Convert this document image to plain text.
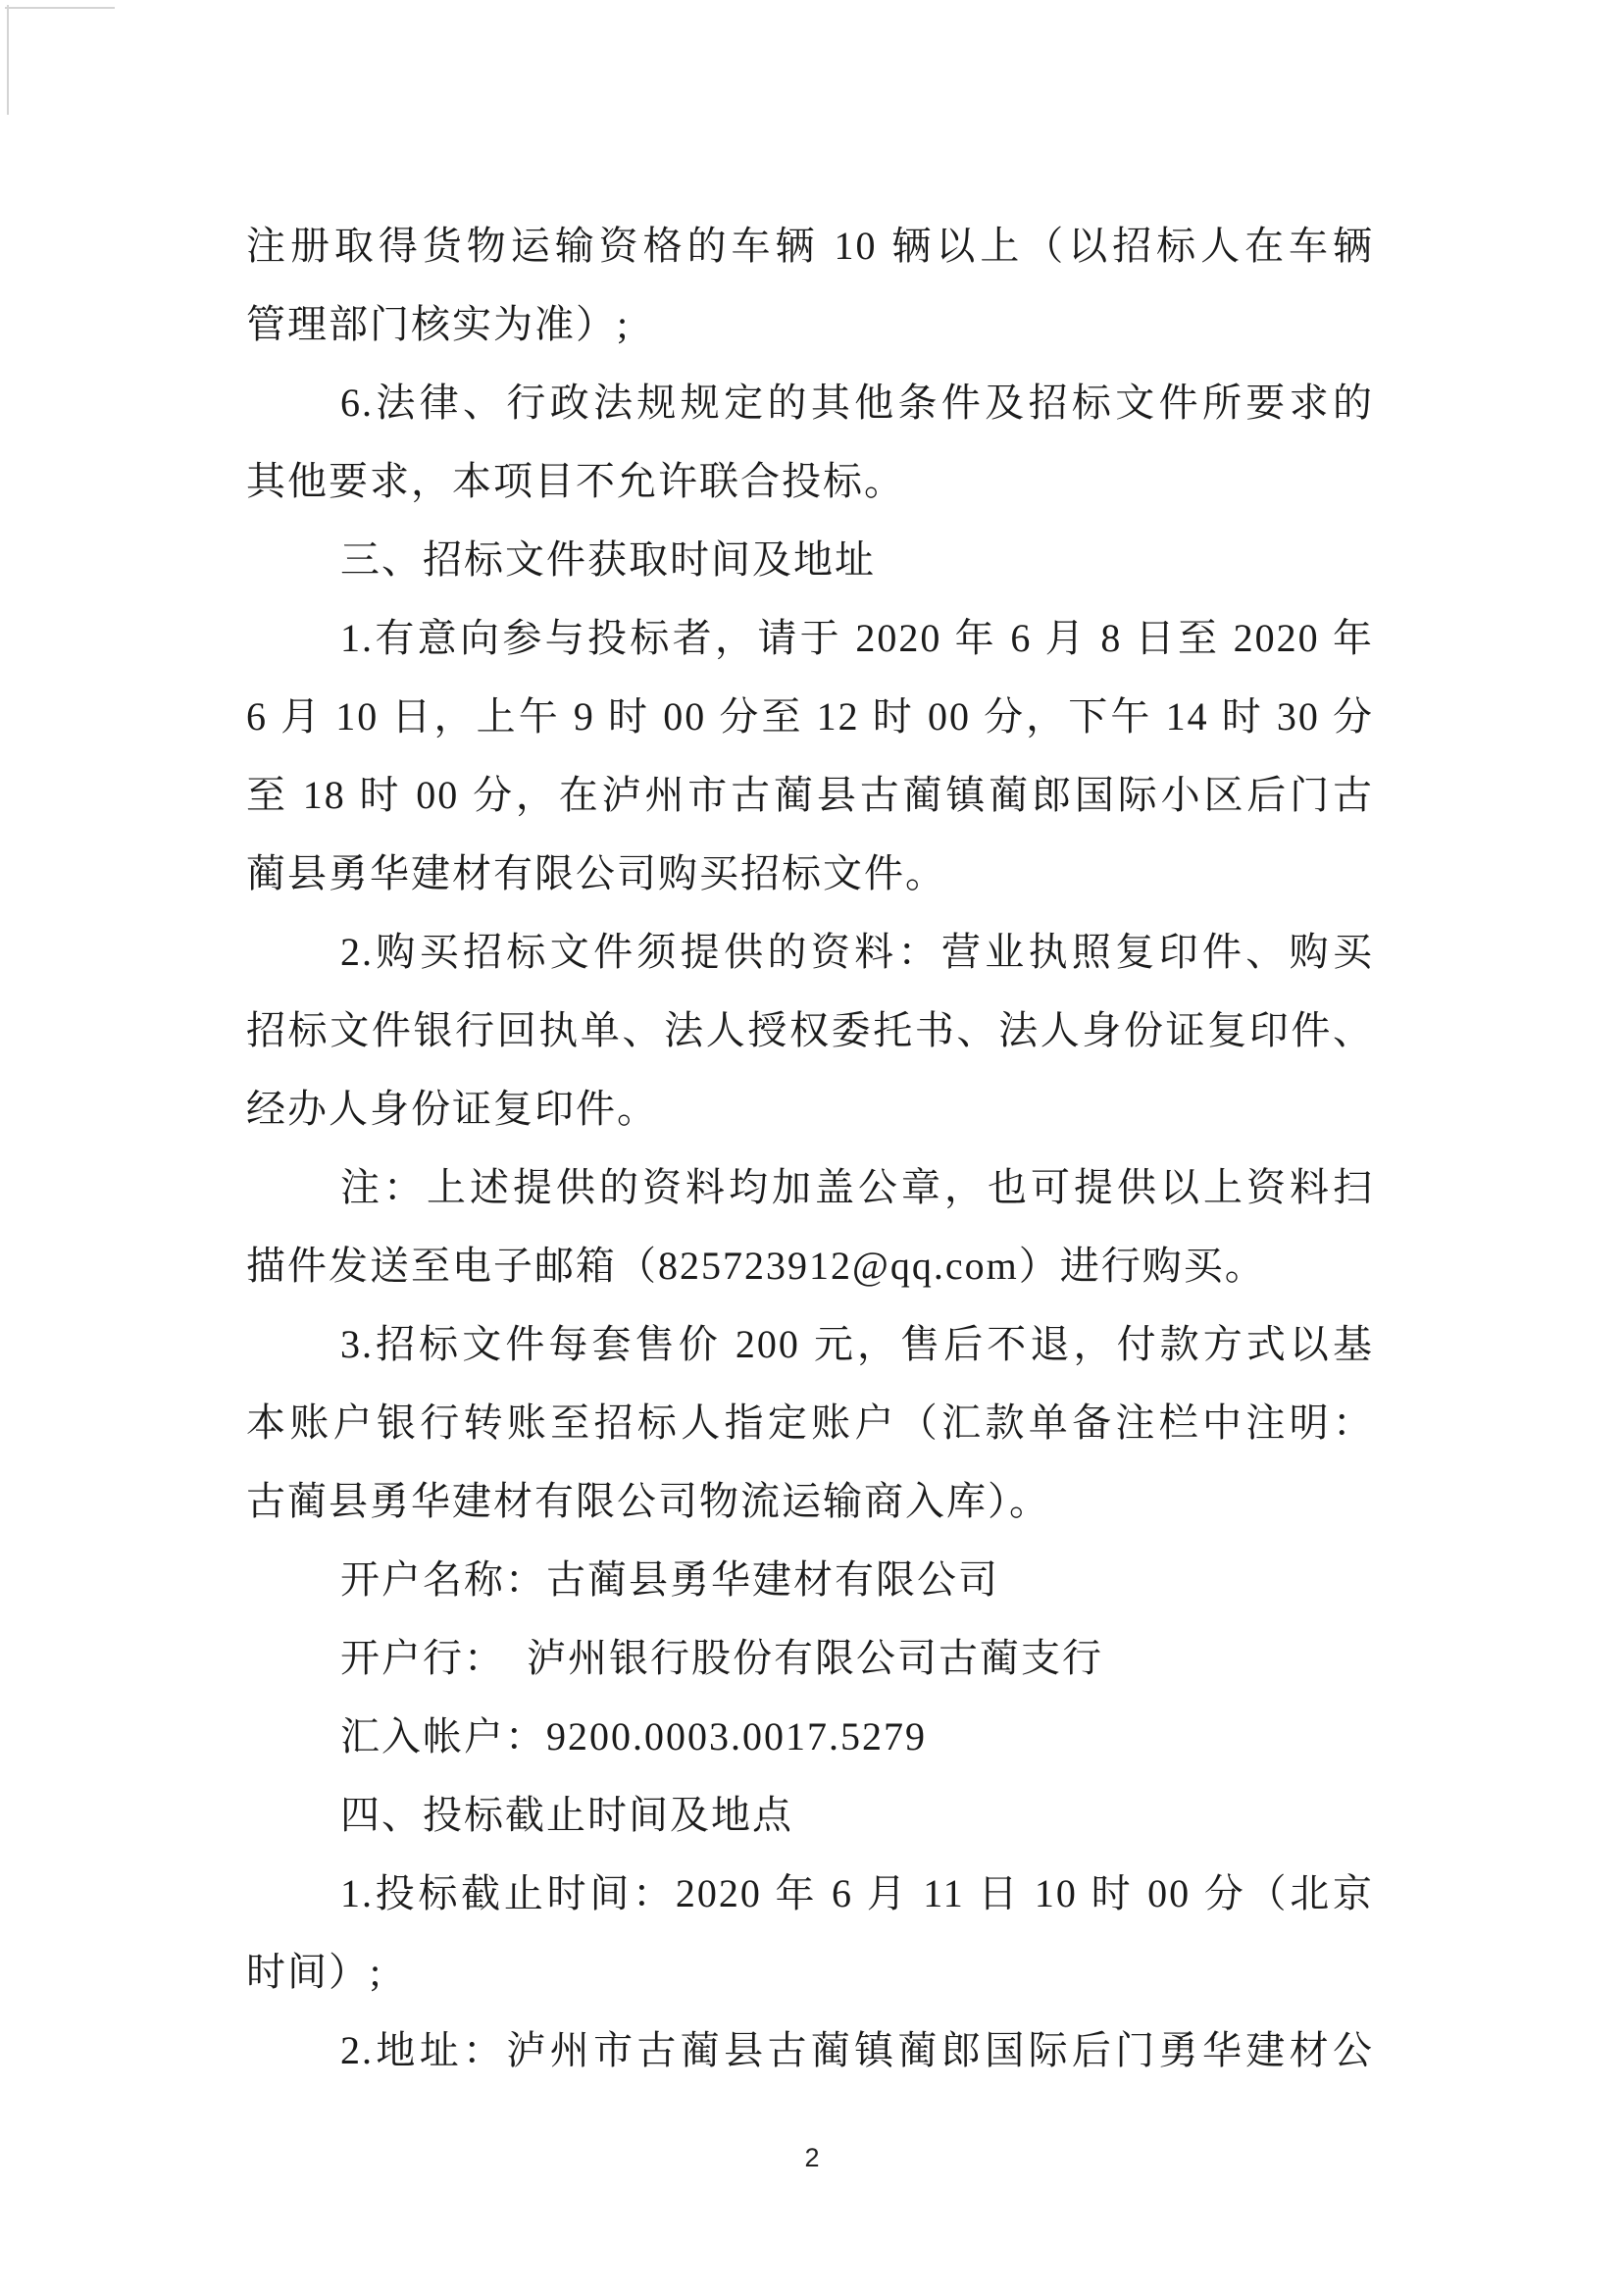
注册取得货物运输资格的车辆 10 辆以上（以招标人在车辆
管理部门核实为准）;
6.法律、行政法规规定的其他条件及招标文件所要求的
其他要求，本项目不允许联合投标。
三、招标文件获取时间及地址
1.有意向参与投标者，请于 2020 年 6 月 8 日至 2020 年
6 月 10 日，上午 9 时 00 分至 12 时 00 分，下午 14 时 30 分
至 18 时 00 分，在泸州市古蔺县古蔺镇蔺郎国际小区后门古
蔺县勇华建材有限公司购买招标文件。
2.购买招标文件须提供的资料：营业执照复印件、购买
招标文件银行回执单、法人授权委托书、法人身份证复印件、
经办人身份证复印件。
注：上述提供的资料均加盖公章，也可提供以上资料扫
描件发送至电子邮箱（825723912@qq.com）进行购买。
3.招标文件每套售价 200 元，售后不退，付款方式以基
本账户银行转账至招标人指定账户（汇款单备注栏中注明：
古蔺县勇华建材有限公司物流运输商入库）。
开户名称：古蔺县勇华建材有限公司
开户行：　泸州银行股份有限公司古蔺支行
汇入帐户：9200.0003.0017.5279
四、投标截止时间及地点
1.投标截止时间：2020 年 6 月 11 日 10 时 00 分（北京
时间）;
2.地址：泸州市古蔺县古蔺镇蔺郎国际后门勇华建材公
2
